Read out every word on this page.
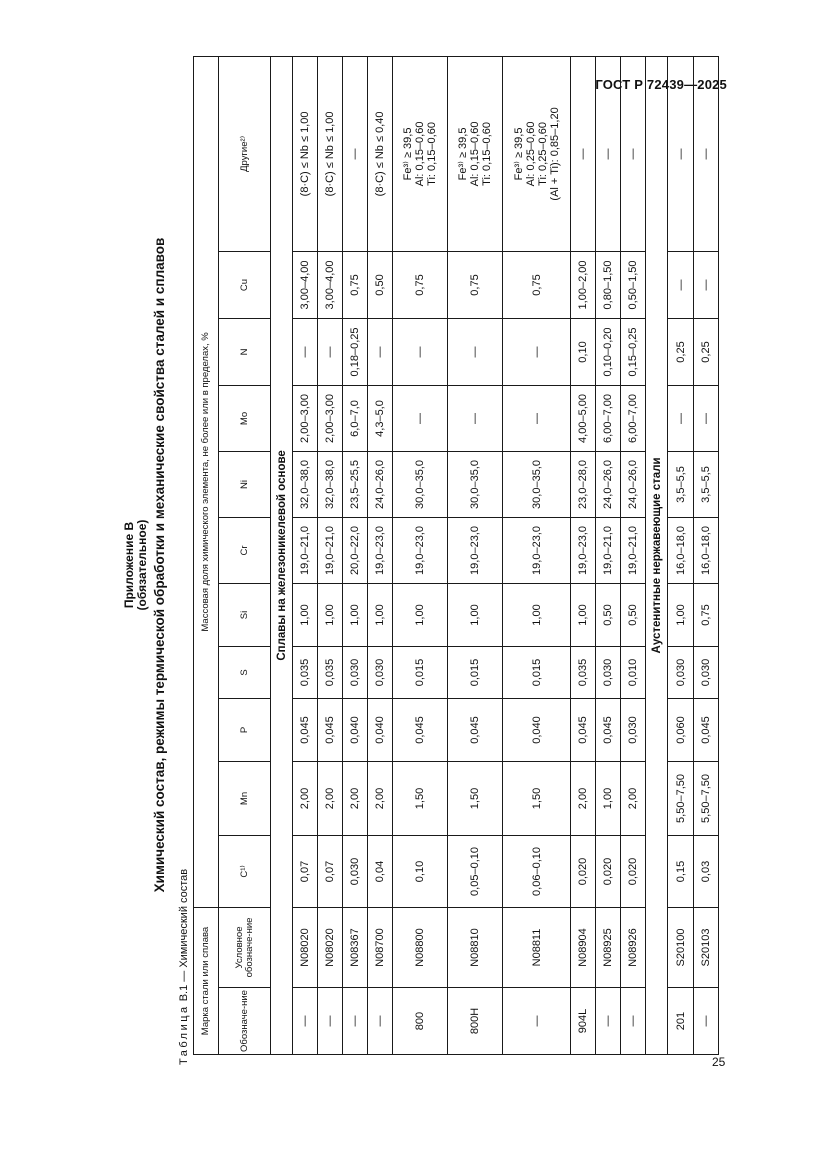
ГОСТ Р 72439—2025
25
Приложение В (обязательное) Химический состав, режимы термической обработки и механические свойства сталей и сплавов
Таблица В.1 — Химический состав Марка стали или сплава		Массовая доля химического элемента, не более или в пределах, %										
Обозначе-ние	Условное обозначе-ние	C¹⁾	Mn	P	S	Si	Cr	Ni	Mo	N	Cu	Другие²⁾
Сплавы на железоникелевой основе												
—	N08020	0,07	2,00	0,045	0,035	1,00	19,0–21,0	32,0–38,0	2,00–3,00	—	3,00–4,00	(8·C) ≤ Nb ≤ 1,00

—	N08020	0,07	2,00	0,045	0,035	1,00	19,0–21,0	32,0–38,0	2,00–3,00	—	3,00–4,00	(8·C) ≤ Nb ≤ 1,00

—	N08367	0,030	2,00	0,040	0,030	1,00	20,0–22,0	23,5–25,5	6,0–7,0	0,18–0,25	0,75	—

—	N08700	0,04	2,00	0,040	0,030	1,00	19,0–23,0	24,0–26,0	4,3–5,0	—	0,50	(8·C) ≤ Nb ≤ 0,40

800	N08800	0,10	1,50	0,045	0,015	1,00	19,0–23,0	30,0–35,0	—	—	0,75	Fe³⁾ ≥ 39,5 Al: 0,15–0,60 Ti: 0,15–0,60

800H	N08810	0,05–0,10	1,50	0,045	0,015	1,00	19,0–23,0	30,0–35,0	—	—	0,75	Fe³⁾ ≥ 39,5 Al: 0,15–0,60 Ti: 0,15–0,60

—	N08811	0,06–0,10	1,50	0,040	0,015	1,00	19,0–23,0	30,0–35,0	—	—	0,75	Fe³⁾ ≥ 39,5 Al: 0,25–0,60 Ti: 0,25–0,60 (Al + Ti): 0,85–1,20

904L	N08904	0,020	2,00	0,045	0,035	1,00	19,0–23,0	23,0–28,0	4,00–5,00	0,10	1,00–2,00	—

—	N08925	0,020	1,00	0,045	0,030	0,50	19,0–21,0	24,0–26,0	6,00–7,00	0,10–0,20	0,80–1,50	—

—	N08926	0,020	2,00	0,030	0,010	0,50	19,0–21,0	24,0–26,0	6,00–7,00	0,15–0,25	0,50–1,50	—

Аустенитные нержавеющие стали												
201	S20100	0,15	5,50–7,50	0,060	0,030	1,00	16,0–18,0	3,5–5,5	—	0,25	—	—

—	S20103	0,03	5,50–7,50	0,045	0,030	0,75	16,0–18,0	3,5–5,5	—	0,25	—	—
